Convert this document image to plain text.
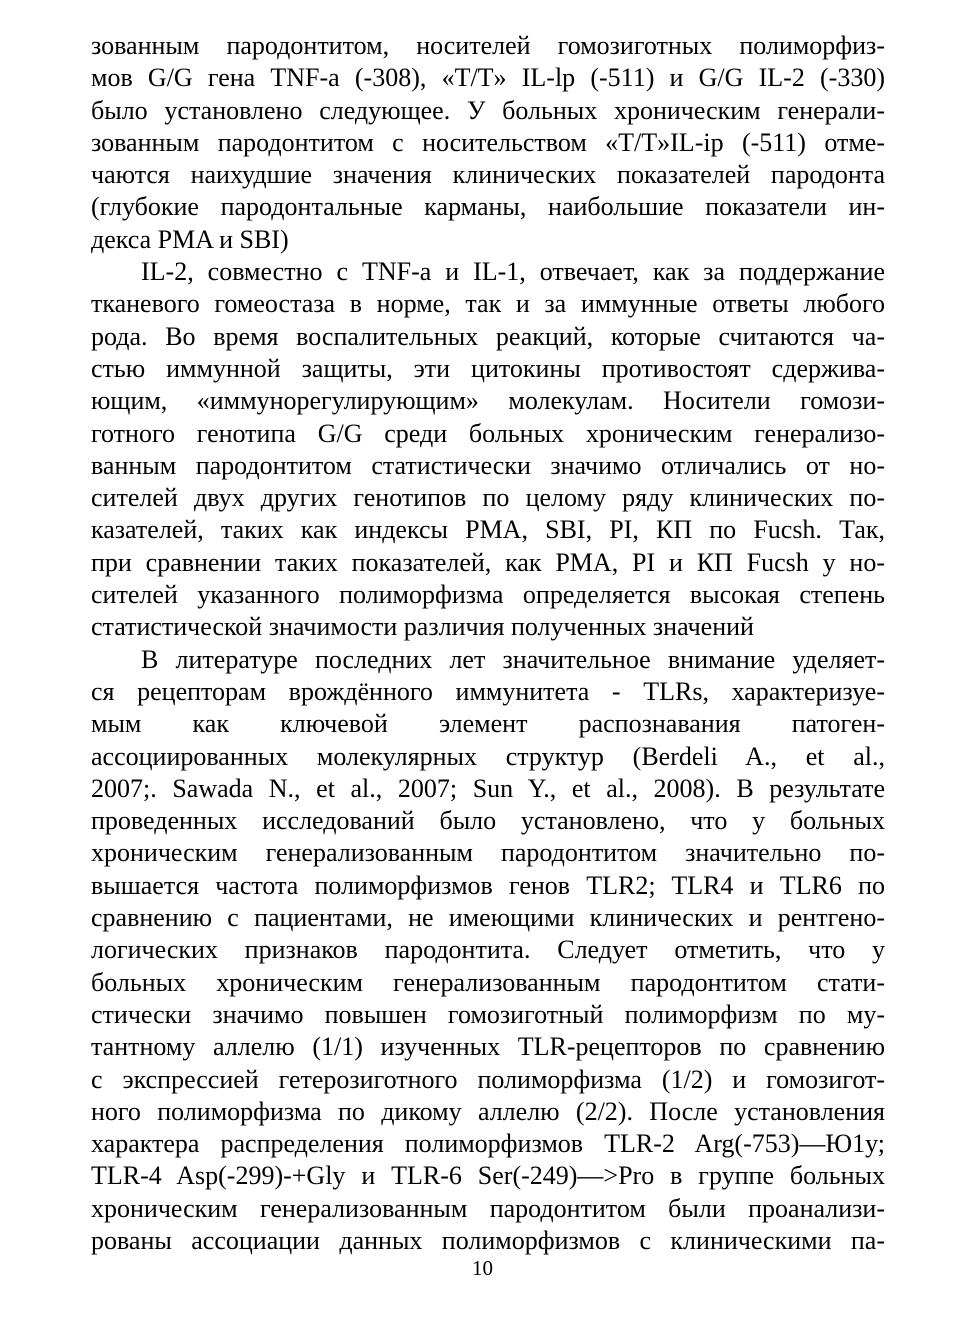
зованным пародонтитом, носителей гомозиготных полиморфиз-
мов G/G гена TNF-a (-308), «T/T» IL-lp (-511) и G/G IL-2 (-330)
было установлено следующее. У больных хроническим генерали-
зованным пародонтитом с носительством «T/T»IL-ip (-511) отме-
чаются наихудшие значения клинических показателей пародонта
(глубокие пародонтальные карманы, наибольшие показатели ин-
декса PMA и SBI)
IL-2, совместно с TNF-a и IL-1, отвечает, как за поддержание
тканевого гомеостаза в норме, так и за иммунные ответы любого
рода. Во время воспалительных реакций, которые считаются ча-
стью иммунной защиты, эти цитокины противостоят сдержива-
ющим, «иммунорегулирующим» молекулам. Носители гомози-
готного генотипа G/G среди больных хроническим генерализо-
ванным пародонтитом статистически значимо отличались от но-
сителей двух других генотипов по целому ряду клинических по-
казателей, таких как индексы PMA, SBI, PI, КП по Fucsh. Так,
при сравнении таких показателей, как PMA, PI и КП Fucsh у но-
сителей указанного полиморфизма определяется высокая степень
статистической значимости различия полученных значений
В литературе последних лет значительное внимание уделяет-
ся рецепторам врождённого иммунитета - TLRs, характеризуе-
мым как ключевой элемент распознавания патоген-
ассоциированных молекулярных структур (Berdeli A., et al.,
2007;. Sawada N., et al., 2007; Sun Y., et al., 2008). В результате
проведенных исследований было установлено, что у больных
хроническим генерализованным пародонтитом значительно по-
вышается частота полиморфизмов генов TLR2; TLR4 и TLR6 по
сравнению с пациентами, не имеющими клинических и рентгено-
логических признаков пародонтита. Следует отметить, что у
больных хроническим генерализованным пародонтитом стати-
стически значимо повышен гомозиготный полиморфизм по му-
тантному аллелю (1/1) изученных TLR-рецепторов по сравнению
с экспрессией гетерозиготного полиморфизма (1/2) и гомозигот-
ного полиморфизма по дикому аллелю (2/2). После установления
характера распределения полиморфизмов TLR-2 Arg(-753)—Ю1у;
TLR-4 Asp(-299)-+Gly и TLR-6 Ser(-249)—>Pro в группе больных
хроническим генерализованным пародонтитом были проанализи-
рованы ассоциации данных полиморфизмов с клиническими па-
10
